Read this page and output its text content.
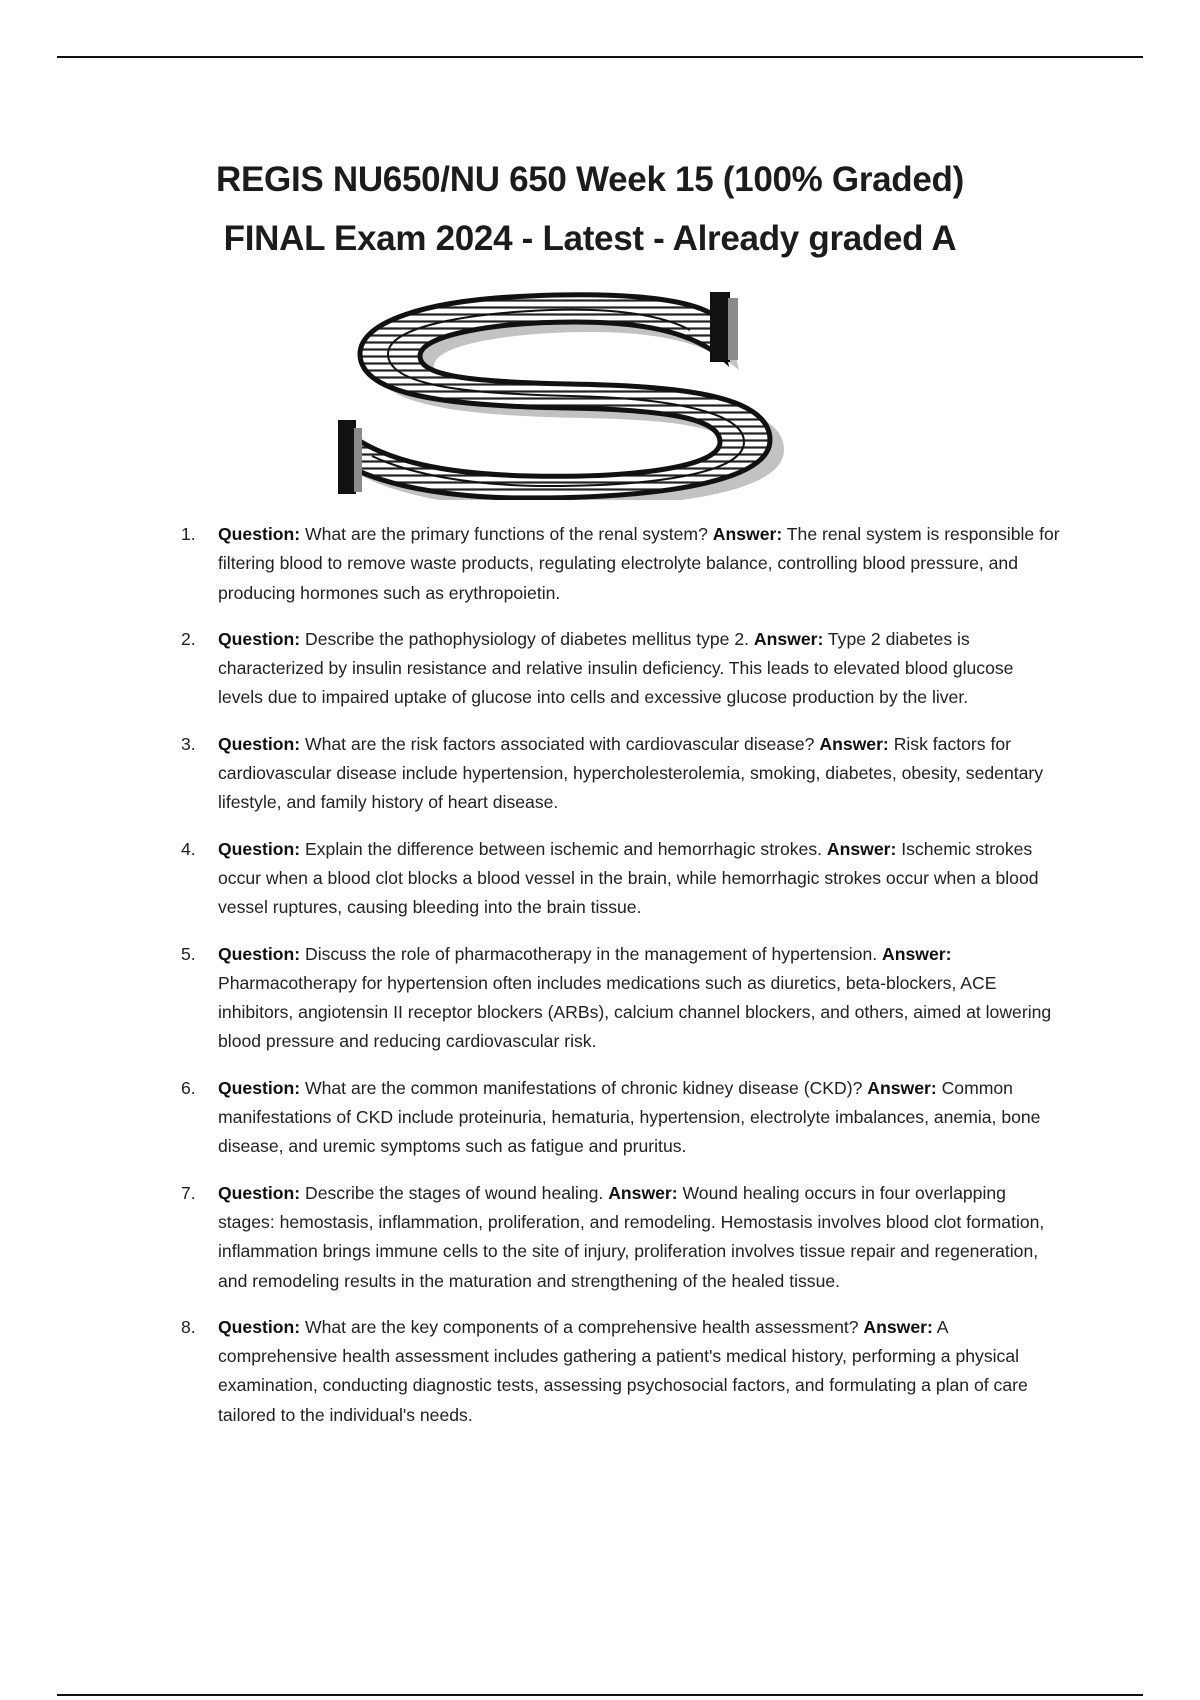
REGIS NU650/NU 650 Week 15 (100% Graded)
FINAL Exam 2024 - Latest - Already graded A
1. Question: What are the primary functions of the renal system? Answer: The renal system is responsible for filtering blood to remove waste products, regulating electrolyte balance, controlling blood pressure, and producing hormones such as erythropoietin.
2. Question: Describe the pathophysiology of diabetes mellitus type 2. Answer: Type 2 diabetes is characterized by insulin resistance and relative insulin deficiency. This leads to elevated blood glucose levels due to impaired uptake of glucose into cells and excessive glucose production by the liver.
3. Question: What are the risk factors associated with cardiovascular disease? Answer: Risk factors for cardiovascular disease include hypertension, hypercholesterolemia, smoking, diabetes, obesity, sedentary lifestyle, and family history of heart disease.
4. Question: Explain the difference between ischemic and hemorrhagic strokes. Answer: Ischemic strokes occur when a blood clot blocks a blood vessel in the brain, while hemorrhagic strokes occur when a blood vessel ruptures, causing bleeding into the brain tissue.
5. Question: Discuss the role of pharmacotherapy in the management of hypertension. Answer: Pharmacotherapy for hypertension often includes medications such as diuretics, beta-blockers, ACE inhibitors, angiotensin II receptor blockers (ARBs), calcium channel blockers, and others, aimed at lowering blood pressure and reducing cardiovascular risk.
6. Question: What are the common manifestations of chronic kidney disease (CKD)? Answer: Common manifestations of CKD include proteinuria, hematuria, hypertension, electrolyte imbalances, anemia, bone disease, and uremic symptoms such as fatigue and pruritus.
7. Question: Describe the stages of wound healing. Answer: Wound healing occurs in four overlapping stages: hemostasis, inflammation, proliferation, and remodeling. Hemostasis involves blood clot formation, inflammation brings immune cells to the site of injury, proliferation involves tissue repair and regeneration, and remodeling results in the maturation and strengthening of the healed tissue.
8. Question: What are the key components of a comprehensive health assessment? Answer: A comprehensive health assessment includes gathering a patient's medical history, performing a physical examination, conducting diagnostic tests, assessing psychosocial factors, and formulating a plan of care tailored to the individual's needs.
